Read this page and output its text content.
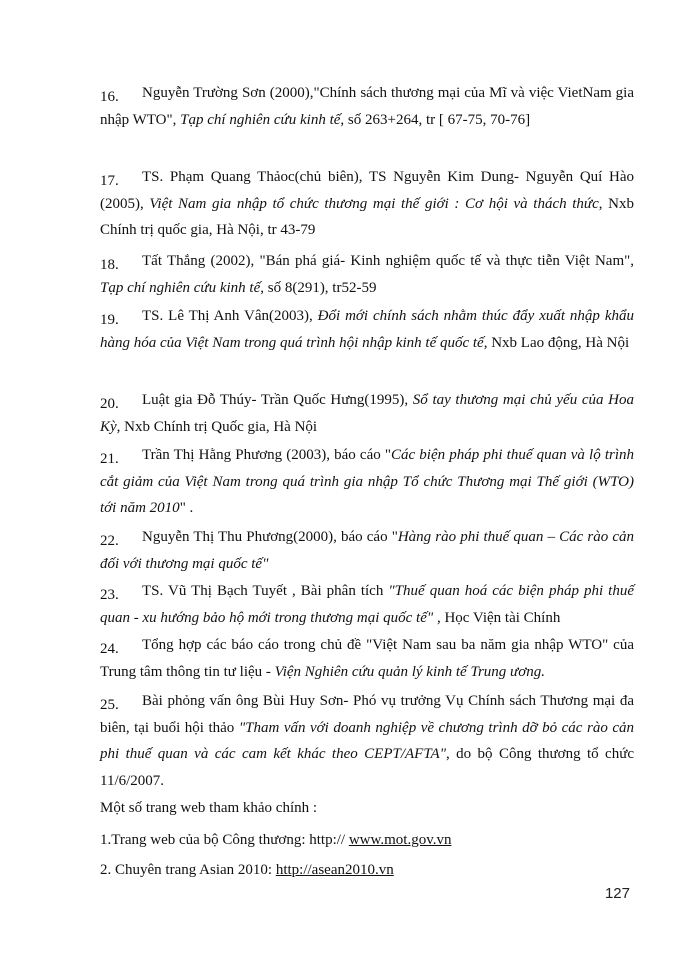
16. Nguyễn Trường Sơn (2000),"Chính sách thương mại của Mĩ và việc VietNam gia nhập WTO", Tạp chí nghiên cứu kinh tế, số 263+264, tr [ 67-75, 70-76]
17. TS. Phạm Quang Thảoc(chủ biên), TS Nguyễn Kim Dung- Nguyễn Quí Hào (2005), Việt Nam gia nhập tổ chức thương mại thế giới : Cơ hội và thách thức, Nxb Chính trị quốc gia, Hà Nội, tr 43-79
18. Tất Thắng (2002), "Bán phá giá- Kinh nghiệm quốc tế và thực tiễn Việt Nam", Tạp chí nghiên cứu kinh tế, số 8(291), tr52-59
19. TS. Lê Thị Anh Vân(2003), Đổi mới chính sách nhằm thúc đẩy xuất nhập khẩu hàng hóa của Việt Nam trong quá trình hội nhập kinh tế quốc tế, Nxb Lao động, Hà Nội
20. Luật gia Đỗ Thúy- Trần Quốc Hưng(1995), Sổ tay thương mại chủ yếu của Hoa Kỳ, Nxb Chính trị Quốc gia, Hà Nội
21. Trần Thị Hằng Phương (2003), báo cáo "Các biện pháp phi thuế quan và lộ trình cắt giảm của Việt Nam trong quá trình gia nhập Tổ chức Thương mại Thế giới (WTO) tới năm 2010" .
22. Nguyễn Thị Thu Phương(2000), báo cáo "Hàng rào phi thuế quan – Các rào cản đối với thương mại quốc tế"
23. TS. Vũ Thị Bạch Tuyết , Bài phân tích "Thuế quan hoá các biện pháp phi thuế quan - xu hướng bảo hộ mới trong thương mại quốc tế" , Học Viện tài Chính
24. Tổng hợp các báo cáo trong chủ đề "Việt Nam sau ba năm gia nhập WTO" của Trung tâm thông tin tư liệu - Viện Nghiên cứu quản lý kinh tế Trung ương.
25. Bài phỏng vấn ông Bùi Huy Sơn- Phó vụ trưởng Vụ Chính sách Thương mại đa biên, tại buổi hội thảo "Tham vấn với doanh nghiệp về chương trình dỡ bỏ các rào cản phi thuế quan và các cam kết khác theo CEPT/AFTA", do bộ Công thương tổ chức 11/6/2007.
Một số trang web tham khảo chính :
1.Trang web của bộ Công thương: http:// www.mot.gov.vn
2. Chuyên trang Asian 2010: http://asean2010.vn
127
